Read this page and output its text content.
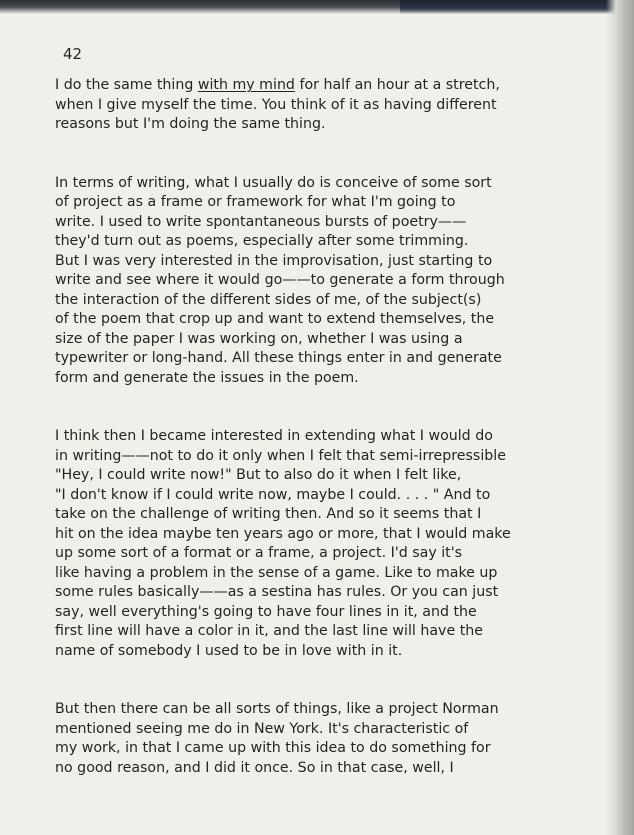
42

I do the same thing with my mind for half an hour at a stretch,
when I give myself the time. You think of it as having different
reasons but I'm doing the same thing.

In terms of writing, what I usually do is conceive of some sort
of project as a frame or framework for what I'm going to
write. I used to write spontantaneous bursts of poetry——
they'd turn out as poems, especially after some trimming.
But I was very interested in the improvisation, just starting to
write and see where it would go——to generate a form through
the interaction of the different sides of me, of the subject(s)
of the poem that crop up and want to extend themselves, the
size of the paper I was working on, whether I was using a
typewriter or long-hand. All these things enter in and generate
form and generate the issues in the poem.

I think then I became interested in extending what I would do
in writing——not to do it only when I felt that semi-irrepressible
"Hey, I could write now!" But to also do it when I felt like,
"I don't know if I could write now, maybe I could. . . . " And to
take on the challenge of writing then. And so it seems that I
hit on the idea maybe ten years ago or more, that I would make
up some sort of a format or a frame, a project. I'd say it's
like having a problem in the sense of a game. Like to make up
some rules basically——as a sestina has rules. Or you can just
say, well everything's going to have four lines in it, and the
first line will have a color in it, and the last line will have the
name of somebody I used to be in love with in it.

But then there can be all sorts of things, like a project Norman
mentioned seeing me do in New York. It's characteristic of
my work, in that I came up with this idea to do something for
no good reason, and I did it once. So in that case, well, I
